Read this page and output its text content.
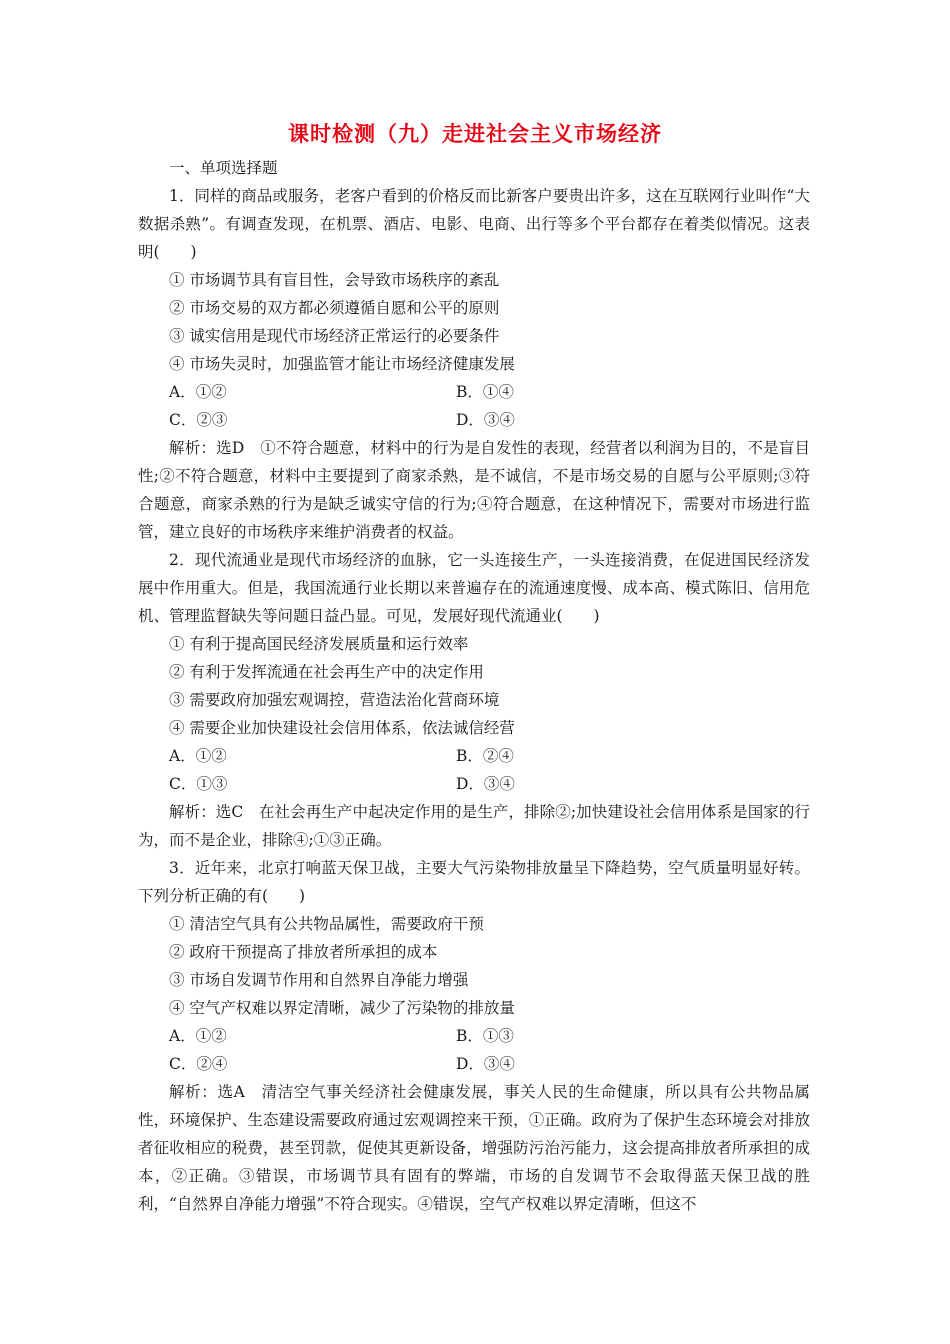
课时检测（九）走进社会主义市场经济

一、单项选择题

1．同样的商品或服务，老客户看到的价格反而比新客户要贵出许多，这在互联网行业叫作“大数据杀熟”。有调查发现，在机票、酒店、电影、电商、出行等多个平台都存在着类似情况。这表明(　　)

① 市场调节具有盲目性，会导致市场秩序的紊乱

② 市场交易的双方都必须遵循自愿和公平的原则

③ 诚实信用是现代市场经济正常运行的必要条件

④ 市场失灵时，加强监管才能让市场经济健康发展

A．①②	B．①④
C．②③	D．③④

解析：选D　①不符合题意，材料中的行为是自发性的表现，经营者以利润为目的，不是盲目性;②不符合题意，材料中主要提到了商家杀熟，是不诚信，不是市场交易的自愿与公平原则;③符合题意，商家杀熟的行为是缺乏诚实守信的行为;④符合题意，在这种情况下，需要对市场进行监管，建立良好的市场秩序来维护消费者的权益。

2．现代流通业是现代市场经济的血脉，它一头连接生产，一头连接消费，在促进国民经济发展中作用重大。但是，我国流通行业长期以来普遍存在的流通速度慢、成本高、模式陈旧、信用危机、管理监督缺失等问题日益凸显。可见，发展好现代流通业(　　)

① 有利于提高国民经济发展质量和运行效率

② 有利于发挥流通在社会再生产中的决定作用

③ 需要政府加强宏观调控，营造法治化营商环境

④ 需要企业加快建设社会信用体系，依法诚信经营

A．①②	B．②④
C．①③	D．③④

解析：选C　在社会再生产中起决定作用的是生产，排除②;加快建设社会信用体系是国家的行为，而不是企业，排除④;①③正确。

3．近年来，北京打响蓝天保卫战，主要大气污染物排放量呈下降趋势，空气质量明显好转。下列分析正确的有(　　)

① 清洁空气具有公共物品属性，需要政府干预

② 政府干预提高了排放者所承担的成本

③ 市场自发调节作用和自然界自净能力增强

④ 空气产权难以界定清晰，减少了污染物的排放量

A．①②	B．①③
C．②④	D．③④

解析：选A　清洁空气事关经济社会健康发展，事关人民的生命健康，所以具有公共物品属性，环境保护、生态建设需要政府通过宏观调控来干预，①正确。政府为了保护生态环境会对排放者征收相应的税费，甚至罚款，促使其更新设备，增强防污治污能力，这会提高排放者所承担的成本，②正确。③错误，市场调节具有固有的弊端，市场的自发调节不会取得蓝天保卫战的胜利，“自然界自净能力增强”不符合现实。④错误，空气产权难以界定清晰，但这不
